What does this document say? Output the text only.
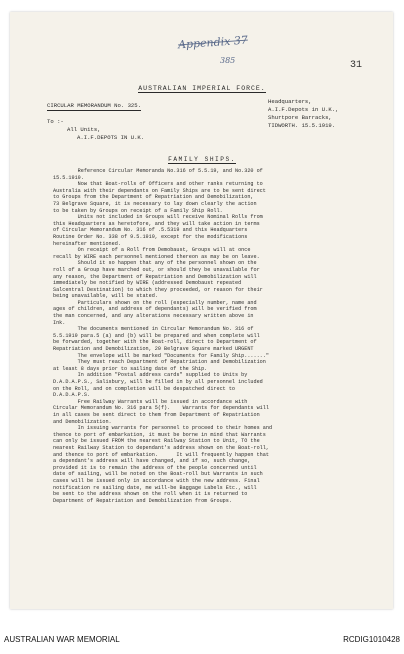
Appendix 37
385	31
AUSTRALIAN IMPERIAL FORCE.
Headquarters,
A.I.F.Depots in U.K.,
Shurtpore Barracks,
TIDWORTH. 15.5.1919.
CIRCULAR MEMORANDUM No. 325.
To :-
All Units,
A.I.F.DEPOTS IN U.K.
FAMILY SHIPS.
Reference Circular Memoranda No.316 of 5.5.19, and No.320 of
15.5.1919.
Now that Boat-rolls of Officers and other ranks returning to
Australia with their dependants on Family Ships are to be sent direct
to Groups from the Department of Repatriation and Demobilization,
73 Belgrave Square, it is necessary to lay down clearly the action
to be taken by Groups on receipt of a Family Ship Roll.
Units not included in Groups will receive Nominal Rolls from
this Headquarters as heretofore, and they will take action in terms
of Circular Memorandum No. 316 of .5.5319 and this Headquarters
Routine Order No. 338 of 9.5.1919, except for the modifications
hereinafter mentioned.
On receipt of a Roll from Demobaust, Groups will at once
recall by WIRE each personnel mentioned thereon as may be on leave.
Should it so happen that any of the personnel shown on the
roll of a Group have marched out, or should they be unavailable for
any reason, the Department of Repatriation and Demobilization will
immediately be notified by WIRE (addressed Demobaust repeated
Salcentral Destination) to which they proceeded, or reason for their
being unavailable, will be stated.
Particulars shown on the roll (especially number, name and
ages of children, and address of dependants) will be verified from
the man concerned, and any alterations necessary written above in
Ink.
The documents mentioned in Circular Memorandum No. 316 of
5.5.1919 para.5 (a) and (b) will be prepared and when complete will
be forwarded, together with the Boat-roll, direct to Department of
Repatriation and Demobilization, 20 Belgrave Square marked URGENT
The envelope will be marked "Documents for Family Ship......."
They must reach Department of Repatriation and Demobilization
at least 8 days prior to sailing date of the Ship.
In addition "Postal address cards" supplied to Units by
D.A.D.A.P.S., Salisbury, will be filled in by all personnel included
on the Roll, and on completion will be despatched direct to
D.A.D.A.P.S.
Free Railway Warrants will be issued in accordance with
Circular Memorandum No. 316 para 5(f).    Warrants for dependants will
in all cases be sent direct to them from Department of Repatriation
and Demobilization.
In issuing warrants for personnel to proceed to their homes and
thence to port of embarkation, it must be borne in mind that Warrants
can only be issued FROM the nearest Railway Station to Unit, TO the
nearest Railway Station to dependant's address shown on the Boat-roll,
and thence to port of embarkation.      It will frequently happen that
a dependant's address will have changed, and if so, such change,
provided it is to remain the address of the people concerned until
date of sailing, will be noted on the Boat-roll but Warrants in such
cases will be issued only in accordance with the new address. Final
notification re sailing date, me will-be Baggage Labels Etc., will
be sent to the address shown on the roll when it is returned to
Department of Repatriation and Demobilization from Groups.
AUSTRALIAN WAR MEMORIAL	RCDIG1010428
